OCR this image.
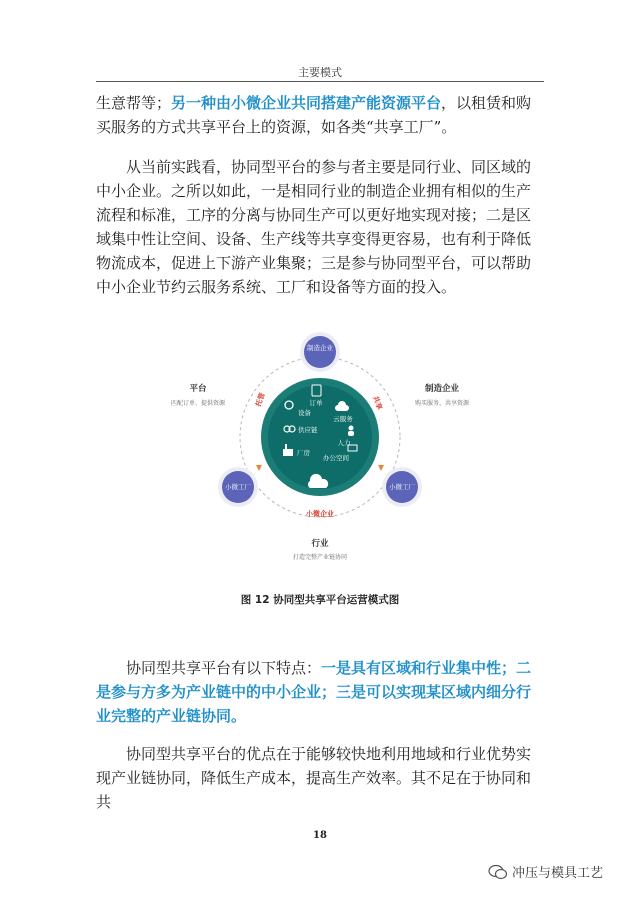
主要模式

生意帮等；另一种由小微企业共同搭建产能资源平台，以租赁和购买服务的方式共享平台上的资源，如各类“共享工厂”。

从当前实践看，协同型平台的参与者主要是同行业、同区域的中小企业。之所以如此，一是相同行业的制造企业拥有相似的生产流程和标准，工序的分离与协同生产可以更好地实现对接；二是区域集中性让空间、设备、生产线等共享变得更容易，也有利于降低物流成本，促进上下游产业集聚；三是参与协同型平台，可以帮助中小企业节约云服务系统、工厂和设备等方面的投入。

订单
设备
云服务
供应链
人力
厂房
办公空间
托管	共享
小微企业
制造企业
小微工厂	小微工厂
平台
匹配订单、提供资源
制造企业
购买服务、共享资源
行业
打造完整产业链协同
图 12 协同型共享平台运营模式图

协同型共享平台有以下特点：一是具有区域和行业集中性；二是参与方多为产业链中的中小企业；三是可以实现某区域内细分行业完整的产业链协同。

协同型共享平台的优点在于能够较快地利用地域和行业优势实现产业链协同，降低生产成本，提高生产效率。其不足在于协同和共

18
冲压与模具工艺
